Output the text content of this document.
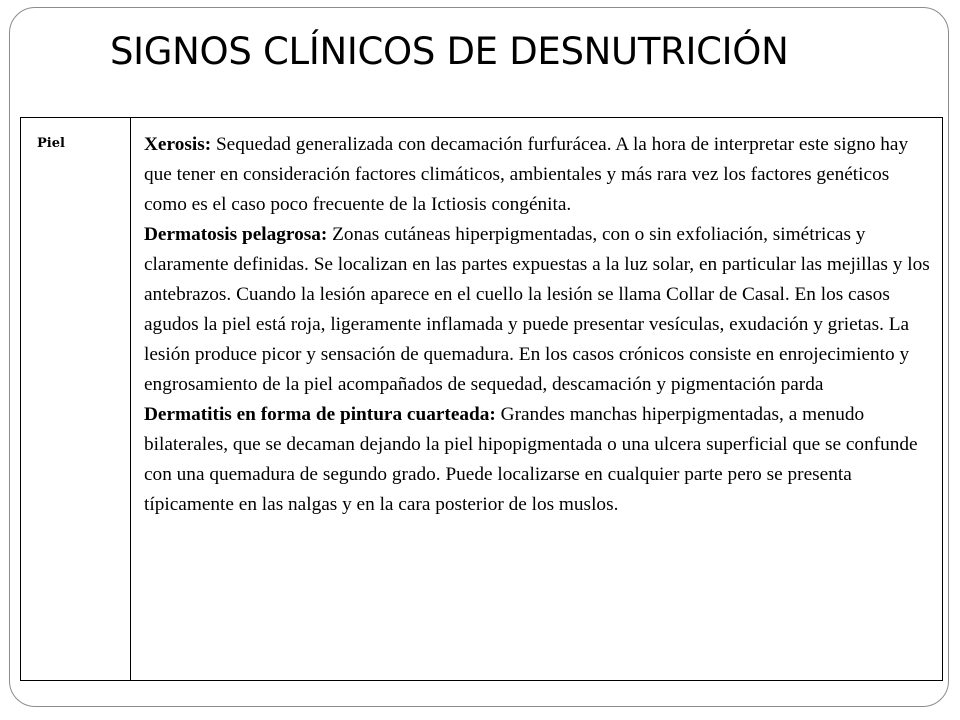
SIGNOS CLÍNICOS DE DESNUTRICIÓN
Piel	Xerosis: Sequedad generalizada con decamación furfurácea. A la hora de interpretar este signo hay que tener en consideración factores climáticos, ambientales y más rara vez los factores genéticos como es el caso poco frecuente de la Ictiosis congénita.

Dermatosis pelagrosa: Zonas cutáneas hiperpigmentadas, con o sin exfoliación, simétricas y claramente definidas. Se localizan en las partes expuestas a la luz solar, en particular las mejillas y los antebrazos. Cuando la lesión aparece en el cuello la lesión se llama Collar de Casal. En los casos agudos la piel está roja, ligeramente inflamada y puede presentar vesículas, exudación y grietas. La lesión produce picor y sensación de quemadura. En los casos crónicos consiste en enrojecimiento y engrosamiento de la piel acompañados de sequedad, descamación y pigmentación parda

Dermatitis en forma de pintura cuarteada: Grandes manchas hiperpigmentadas, a menudo bilaterales, que se decaman dejando la piel hipopigmentada o una ulcera superficial que se confunde con una quemadura de segundo grado. Puede localizarse en cualquier parte pero se presenta típicamente en las nalgas y en la cara posterior de los muslos.
